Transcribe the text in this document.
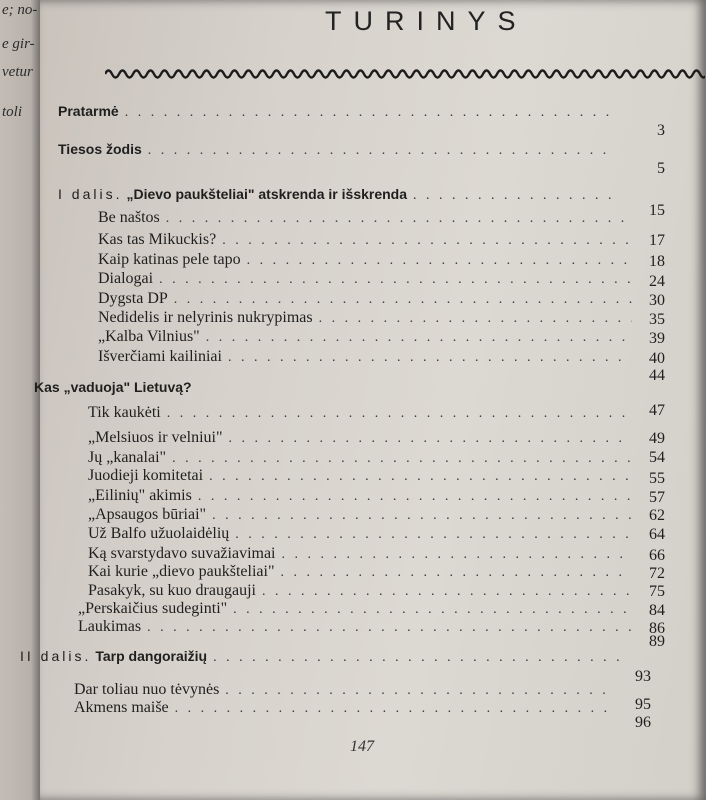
e; no-
e gir-
vetur
toli
TURINYS
Pratarmė
. . .
3
Tiesos žodis
. . .
5
I dalis.
„Dievo paukšteliai" atskrenda ir išskrenda
. . .
15
Be naštos
. . .
17
Kas tas Mikuckis?
. . .
18
Kaip katinas pele tapo
. . .
24
Dialogai
. . .
30
Dygsta DP
. . .
35
Nedidelis ir nelyrinis nukrypimas
. . .
39
„Kalba Vilnius"
. . .
40
Išverčiami kailiniai
. . .
44
Kas „vaduoja" Lietuvą?
47
Tik kaukėti
. . .
49
„Melsiuos ir velniui"
. . .
54
Jų „kanalai"
. . .
55
Juodieji komitetai
. . .
57
„Eilinių" akimis
. . .
62
„Apsaugos būriai"
. . .
64
Už Balfo užuolaidėlių
. . .
66
Ką svarstydavo suvažiavimai
. . .
72
Kai kurie „dievo paukšteliai"
. . .
75
Pasakyk, su kuo draugauji
. . .
84
„Perskaičius sudeginti"
. . .
86
Laukimas
. . .
89
II dalis.
Tarp dangoraižių
. . .
93
Dar toliau nuo tėvynės
. . .
95
Akmens maiše
. . .
96
147
